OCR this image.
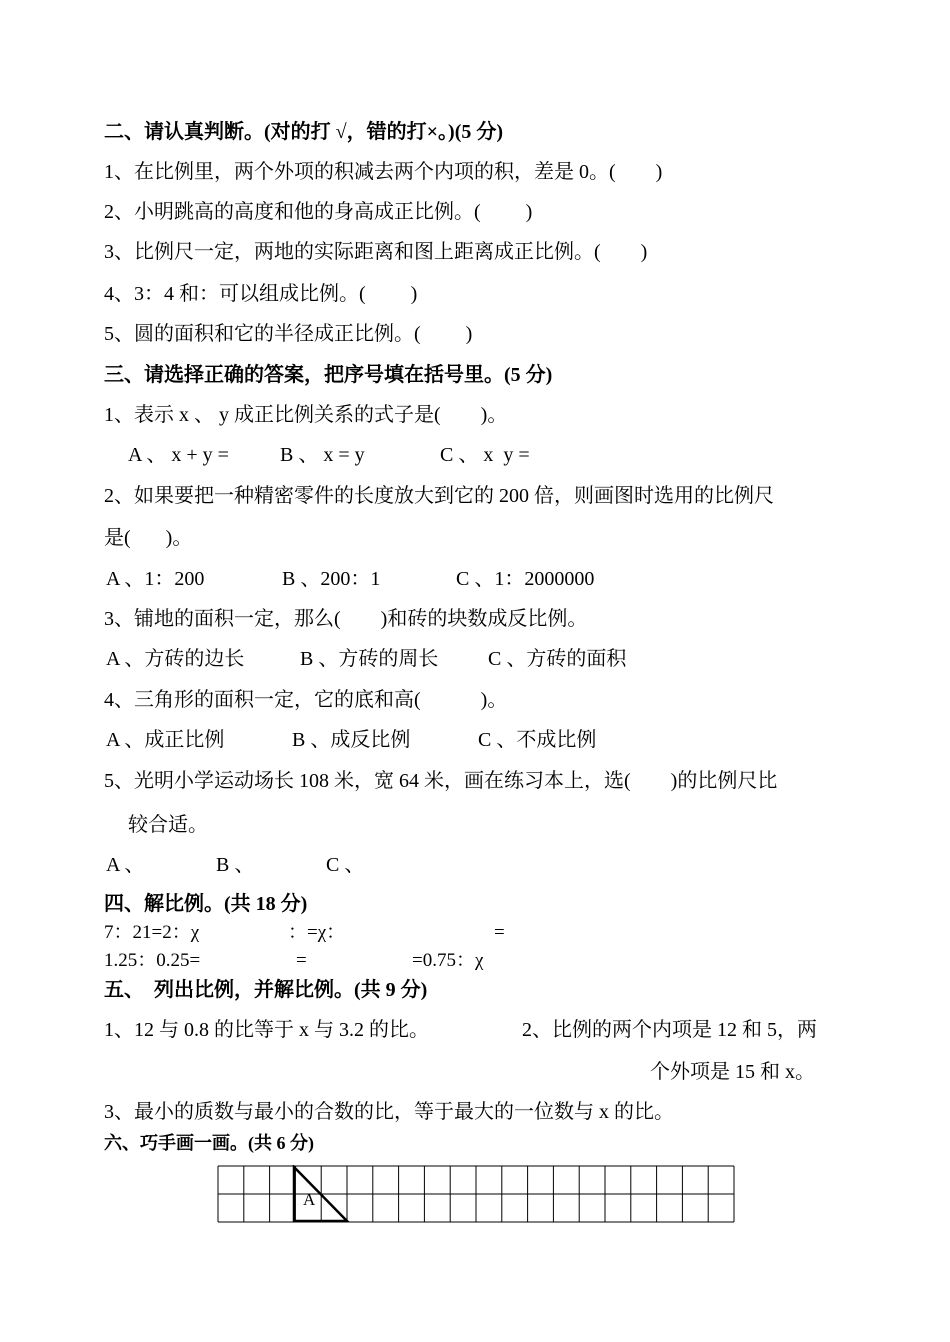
二、请认真判断。(对的打 √，错的打×。)(5 分)
1、在比例里，两个外项的积减去两个内项的积，差是 0。(        )
2、小明跳高的高度和他的身高成正比例。(         )
3、比例尺一定，两地的实际距离和图上距离成正比例。(        )
4、3：4 和：可以组成比例。(         )
5、圆的面积和它的半径成正比例。(         )
三、请选择正确的答案，把序号填在括号里。(5 分)
1、表示 x 、 y 成正比例关系的式子是(        )。
A 、 x + y =	B 、 x = y	C 、 x  y =
2、如果要把一种精密零件的长度放大到它的 200 倍，则画图时选用的比例尺
是(       )。
A 、1：200	B 、200：1	C 、1：2000000
3、铺地的面积一定，那么(        )和砖的块数成反比例。
A 、方砖的边长	B 、方砖的周长 C 、方砖的面积
4、三角形的面积一定，它的底和高(            )。
A 、成正比例	B 、成反比例	C 、不成比例
5、光明小学运动场长 108 米，宽 64 米，画在练习本上，选(        )的比例尺比
较合适。
A 、	B 、	C 、
四、解比例。(共 18 分)
7：21=2：χ	：=χ：	=
1.25：0.25=	=	=0.75：χ
五、  列出比例，并解比例。(共 9 分)
1、12 与 0.8 的比等于 x 与 3.2 的比。	2、比例的两个内项是 12 和 5，两
个外项是 15 和 x。
3、最小的质数与最小的合数的比，等于最大的一位数与 x 的比。
六、巧手画一画。(共 6 分)
A
